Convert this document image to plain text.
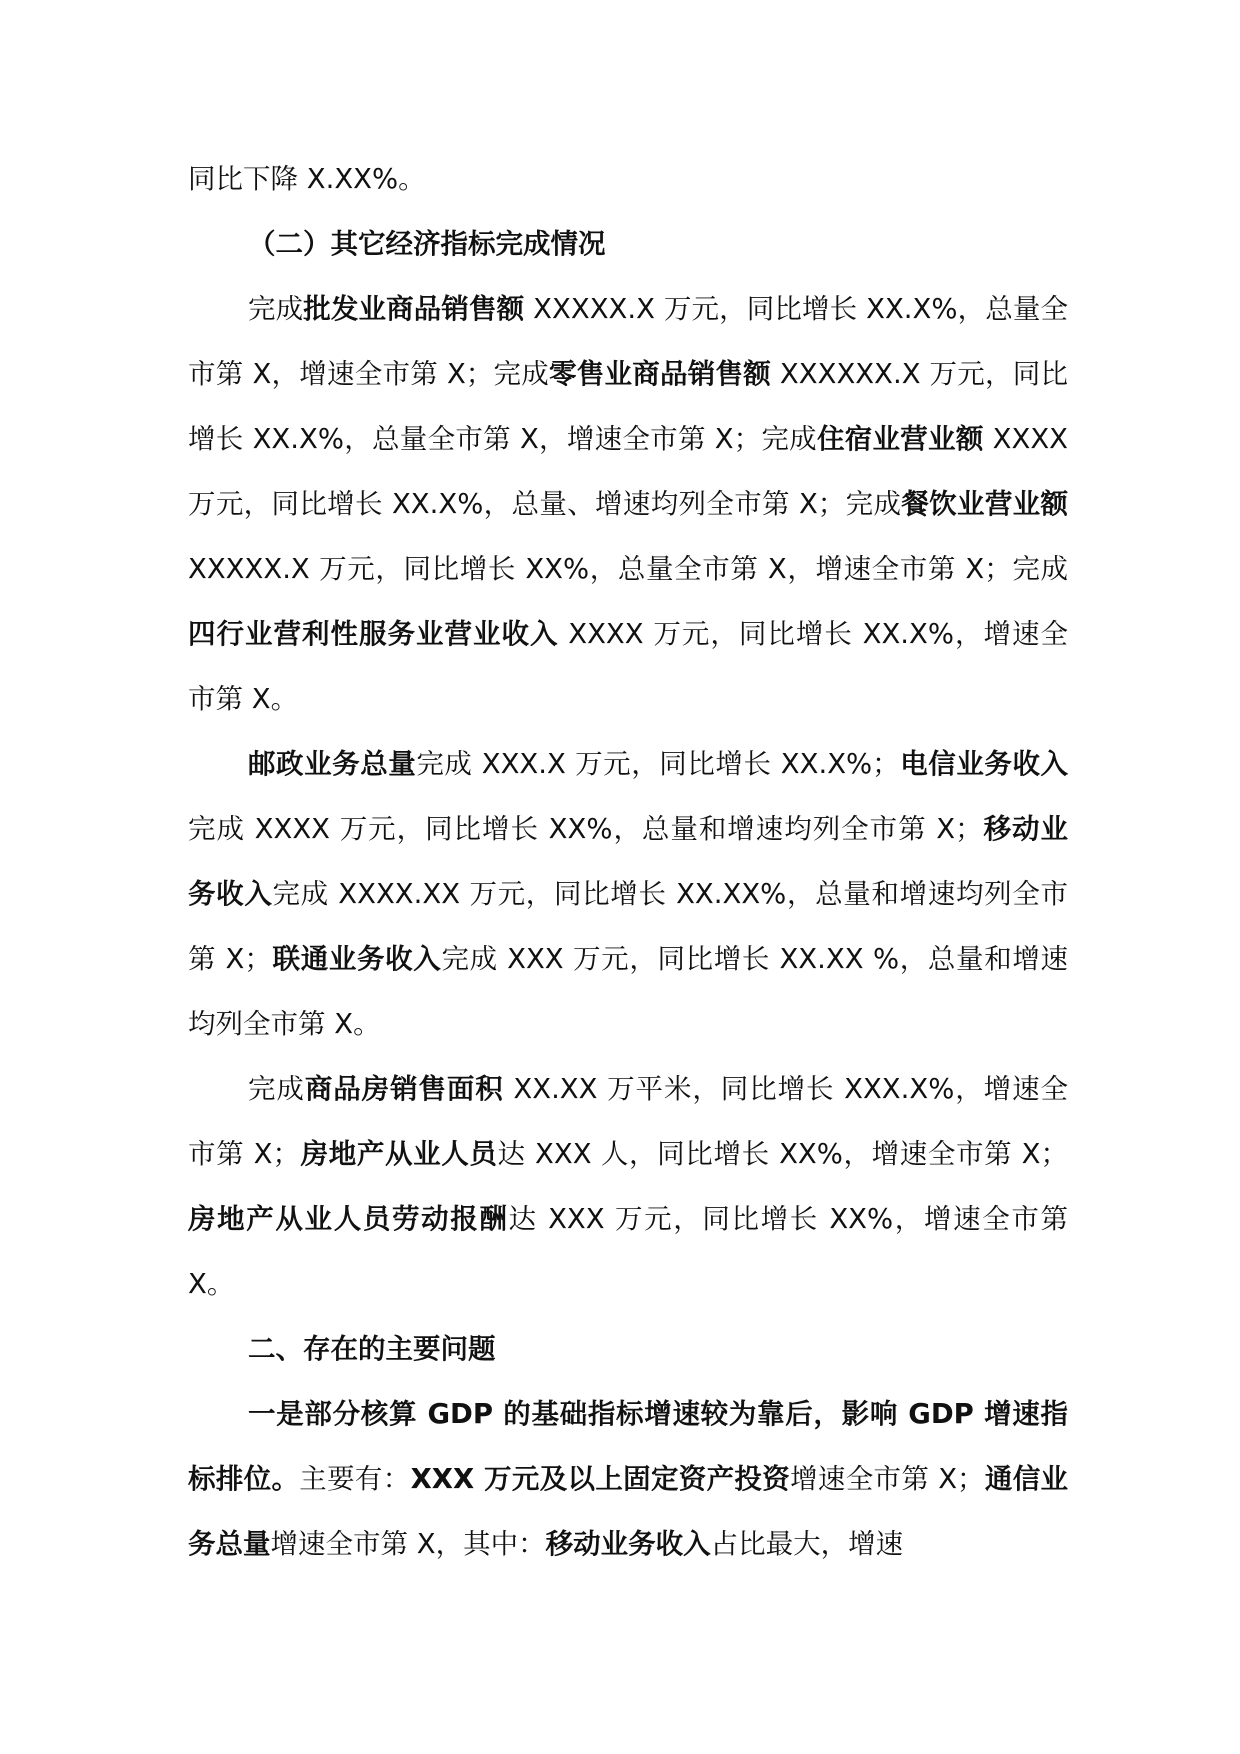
同比下降 X.XX%。

（二）其它经济指标完成情况

完成批发业商品销售额 XXXXX.X 万元，同比增长 XX.X%，总量全市第 X，增速全市第 X；完成零售业商品销售额 XXXXXX.X 万元，同比增长 XX.X%，总量全市第 X，增速全市第 X；完成住宿业营业额 XXXX 万元，同比增长 XX.X%，总量、增速均列全市第 X；完成餐饮业营业额 XXXXX.X 万元，同比增长 XX%，总量全市第 X，增速全市第 X；完成四行业营利性服务业营业收入 XXXX 万元，同比增长 XX.X%，增速全市第 X。

邮政业务总量完成 XXX.X 万元，同比增长 XX.X%；电信业务收入完成 XXXX 万元，同比增长 XX%，总量和增速均列全市第 X；移动业务收入完成 XXXX.XX 万元，同比增长 XX.XX%，总量和增速均列全市第 X；联通业务收入完成 XXX 万元，同比增长 XX.XX %，总量和增速均列全市第 X。

完成商品房销售面积 XX.XX 万平米，同比增长 XXX.X%，增速全市第 X；房地产从业人员达 XXX 人，同比增长 XX%，增速全市第 X；房地产从业人员劳动报酬达 XXX 万元，同比增长 XX%，增速全市第 X。

二、存在的主要问题

一是部分核算 GDP 的基础指标增速较为靠后，影响 GDP 增速指标排位。主要有：XXX 万元及以上固定资产投资增速全市第 X；通信业务总量增速全市第 X，其中：移动业务收入占比最大，增速
